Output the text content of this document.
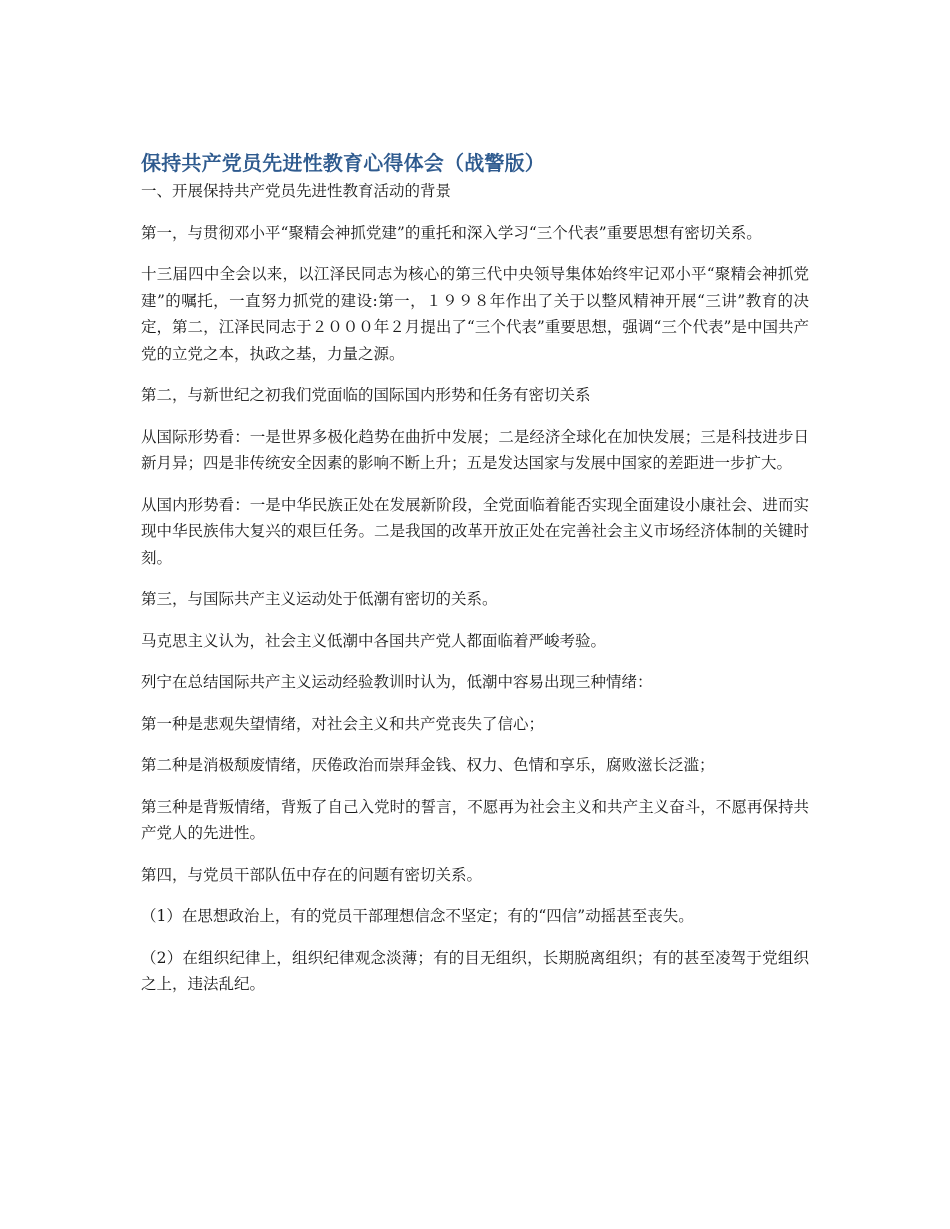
保持共产党员先进性教育心得体会（战警版）

一、开展保持共产党员先进性教育活动的背景

第一，与贯彻邓小平“聚精会神抓党建”的重托和深入学习“三个代表”重要思想有密切关系。

十三届四中全会以来，以江泽民同志为核心的第三代中央领导集体始终牢记邓小平“聚精会神抓党建”的嘱托，一直努力抓党的建设:第一，１９９８年作出了关于以整风精神开展“三讲”教育的决定，第二，江泽民同志于２０００年２月提出了“三个代表”重要思想，强调“三个代表”是中国共产党的立党之本，执政之基，力量之源。

第二，与新世纪之初我们党面临的国际国内形势和任务有密切关系

从国际形势看：一是世界多极化趋势在曲折中发展；二是经济全球化在加快发展；三是科技进步日新月异；四是非传统安全因素的影响不断上升；五是发达国家与发展中国家的差距进一步扩大。

从国内形势看：一是中华民族正处在发展新阶段，全党面临着能否实现全面建设小康社会、进而实现中华民族伟大复兴的艰巨任务。二是我国的改革开放正处在完善社会主义市场经济体制的关键时刻。

第三，与国际共产主义运动处于低潮有密切的关系。

马克思主义认为，社会主义低潮中各国共产党人都面临着严峻考验。

列宁在总结国际共产主义运动经验教训时认为，低潮中容易出现三种情绪：

第一种是悲观失望情绪，对社会主义和共产党丧失了信心；

第二种是消极颓废情绪，厌倦政治而崇拜金钱、权力、色情和享乐，腐败滋长泛滥；

第三种是背叛情绪，背叛了自己入党时的誓言，不愿再为社会主义和共产主义奋斗，不愿再保持共产党人的先进性。

第四，与党员干部队伍中存在的问题有密切关系。

（1）在思想政治上，有的党员干部理想信念不坚定；有的“四信”动摇甚至丧失。

（2）在组织纪律上，组织纪律观念淡薄；有的目无组织，长期脱离组织；有的甚至凌驾于党组织之上，违法乱纪。
